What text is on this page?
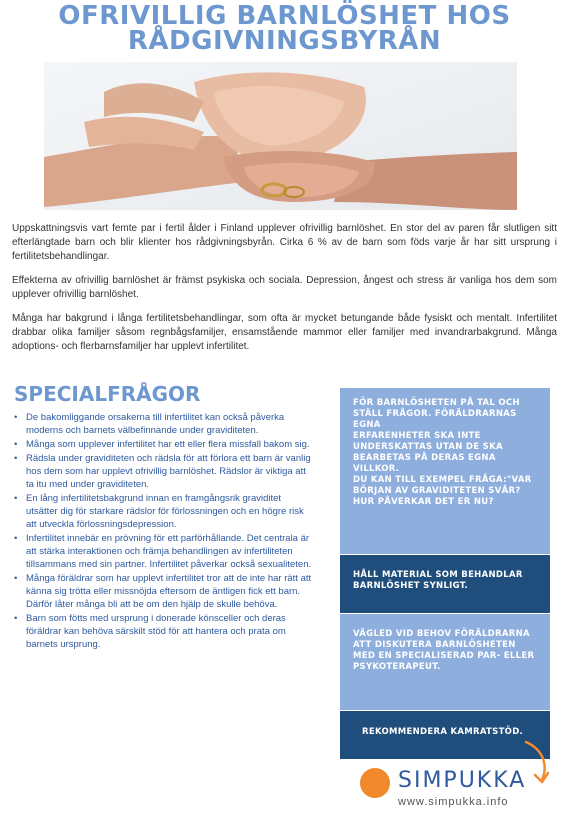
OFRIVILLIG BARNLÖSHET HOS
RÅDGIVNINGSBYRÅN

Uppskattningsvis vart femte par i fertil ålder i Finland upplever ofrivillig barnlöshet. En stor del av paren får slutligen sitt efterlängtade barn och blir klienter hos rådgivningsbyrån. Cirka 6 % av de barn som föds varje år har sitt ursprung i fertilitetsbehandlingar.

Effekterna av ofrivillig barnlöshet är främst psykiska och sociala. Depression, ångest och stress är vanliga hos dem som upplever ofrivillig barnlöshet.

Många har bakgrund i långa fertilitetsbehandlingar, som ofta är mycket betungande både fysiskt och mentalt. Infertilitet drabbar olika familjer såsom regnbågsfamiljer, ensamstående mammor eller familjer med invandrarbakgrund. Många adoptions- och flerbarnsfamiljer har upplevt infertilitet.

SPECIALFRÅGOR
• De bakomliggande orsakerna till infertilitet kan också påverka moderns och barnets välbefinnande under graviditeten.
• Många som upplever infertilitet har ett eller flera missfall bakom sig.
• Rädsla under graviditeten och rädsla för att förlora ett barn är vanlig hos dem som har upplevt ofrivillig barnlöshet. Rädslor är viktiga att ta itu med under graviditeten.
• En lång infertilitetsbakgrund innan en framgångsrik graviditet utsätter dig för starkare rädslor för förlossningen och en högre risk att utveckla förlossningsdepression.
• Infertilitet innebär en prövning för ett parförhållande. Det centrala är att stärka interaktionen och främja behandlingen av infertiliteten tillsammans med sin partner. Infertilitet påverkar också sexualiteten.
• Många föräldrar som har upplevt infertilitet tror att de inte har rätt att känna sig trötta eller missnöjda eftersom de äntligen fick ett barn. Därför låter många bli att be om den hjälp de skulle behöva.
• Barn som fötts med ursprung i donerade könsceller och deras föräldrar kan behöva särskilt stöd för att hantera och prata om barnets ursprung.

FÖR BARNLÖSHETEN PÅ TAL OCH STÄLL FRÅGOR. FÖRÄLDRARNAS EGNA

ERFARENHETER SKA INTE UNDERSKATTAS UTAN DE SKA BEARBETAS PÅ DERAS EGNA VILLKOR.

DU KAN TILL EXEMPEL FRÅGA:"VAR BÖRJAN AV GRAVIDITETEN SVÅR? HUR PÅVERKAR DET ER NU?

HÅLL MATERIAL SOM BEHANDLAR BARNLÖSHET SYNLIGT.

VÄGLED VID BEHOV FÖRÄLDRARNA ATT DISKUTERA BARNLÖSHETEN MED EN SPECIALISERAD PAR- ELLER PSYKOTERAPEUT.

REKOMMENDERA KAMRATSTÖD.

SIMPUKKA
www.simpukka.info
